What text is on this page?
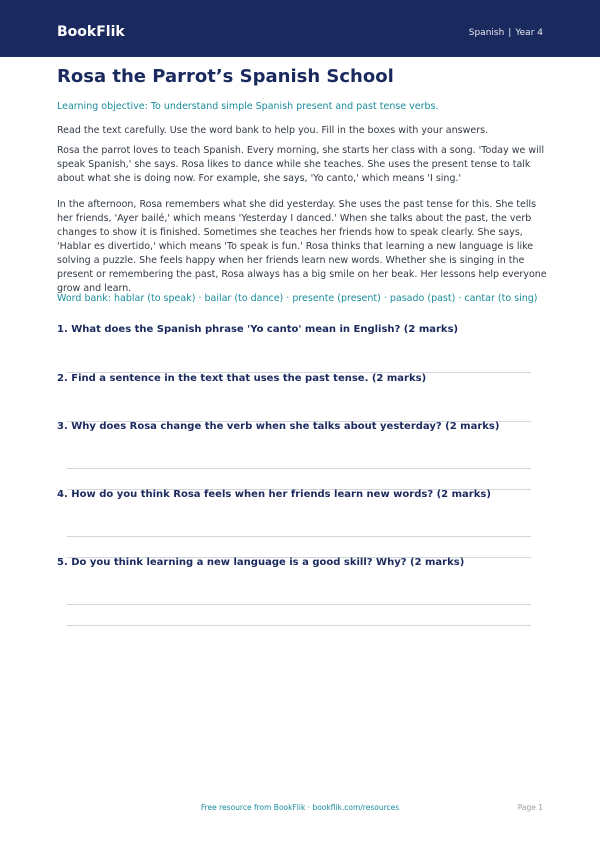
BookFlik	Spanish | Year 4
Rosa the Parrot’s Spanish School
Learning objective: To understand simple Spanish present and past tense verbs.
Read the text carefully. Use the word bank to help you. Fill in the boxes with your answers.

Rosa the parrot loves to teach Spanish. Every morning, she starts her class with a song. 'Today we will speak Spanish,' she says. Rosa likes to dance while she teaches. She uses the present tense to talk about what she is doing now. For example, she says, 'Yo canto,' which means 'I sing.'

In the afternoon, Rosa remembers what she did yesterday. She uses the past tense for this. She tells her friends, 'Ayer bailé,' which means 'Yesterday I danced.' When she talks about the past, the verb changes to show it is finished. Sometimes she teaches her friends how to speak clearly. She says, 'Hablar es divertido,' which means 'To speak is fun.' Rosa thinks that learning a new language is like solving a puzzle. She feels happy when her friends learn new words. Whether she is singing in the present or remembering the past, Rosa always has a big smile on her beak. Her lessons help everyone grow and learn.

Word bank: hablar (to speak) · bailar (to dance) · presente (present) · pasado (past) · cantar (to sing)
1. What does the Spanish phrase 'Yo canto' mean in English? (2 marks)
2. Find a sentence in the text that uses the past tense. (2 marks)
3. Why does Rosa change the verb when she talks about yesterday? (2 marks)
4. How do you think Rosa feels when her friends learn new words? (2 marks)
5. Do you think learning a new language is a good skill? Why? (2 marks)
Free resource from BookFlik · bookflik.com/resources	Page 1
